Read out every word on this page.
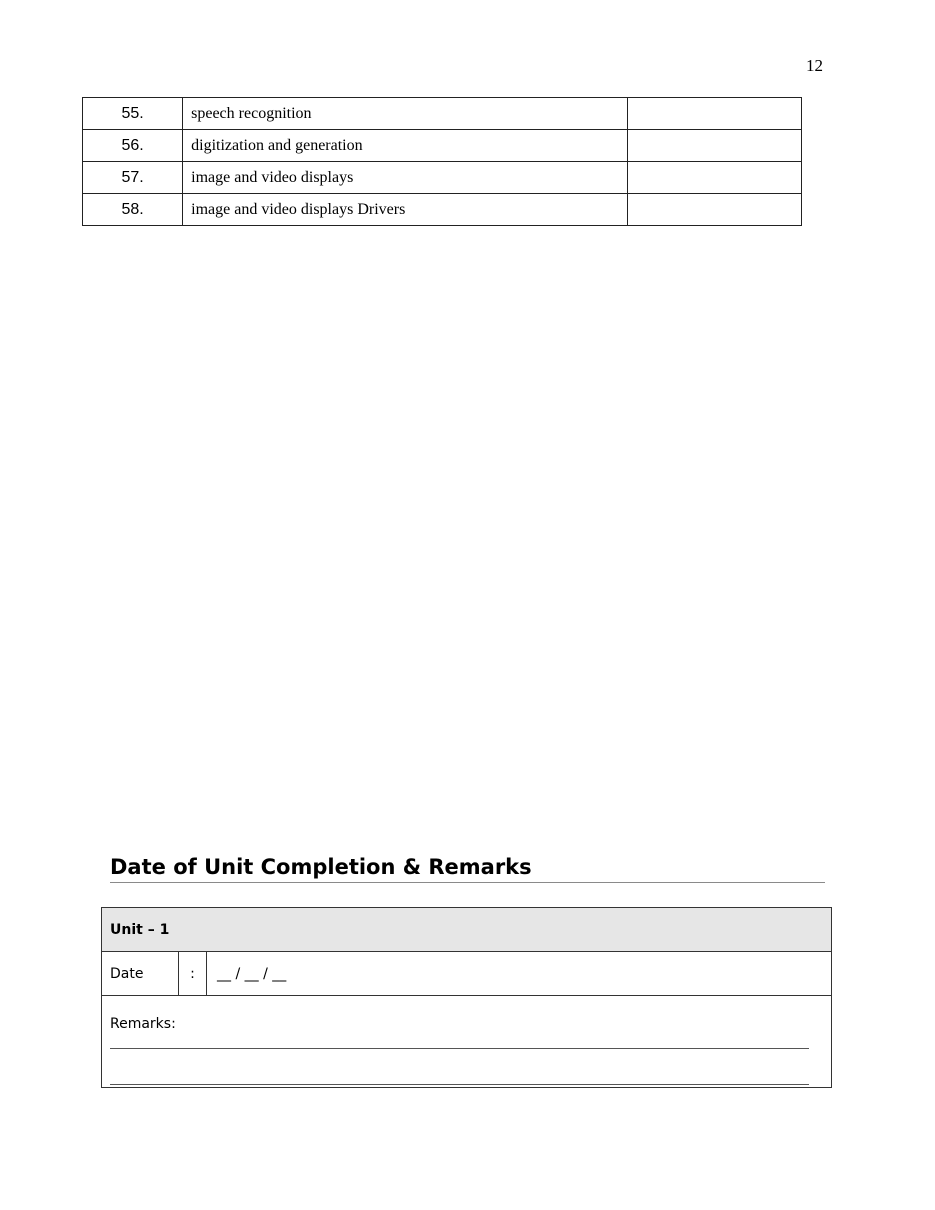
12
55.	speech recognition	
56.	digitization and generation	
57.	image and video displays	
58.	image and video displays Drivers	
Date of Unit Completion & Remarks
Unit – 1
Date	:	__ / __ / __
Remarks:
